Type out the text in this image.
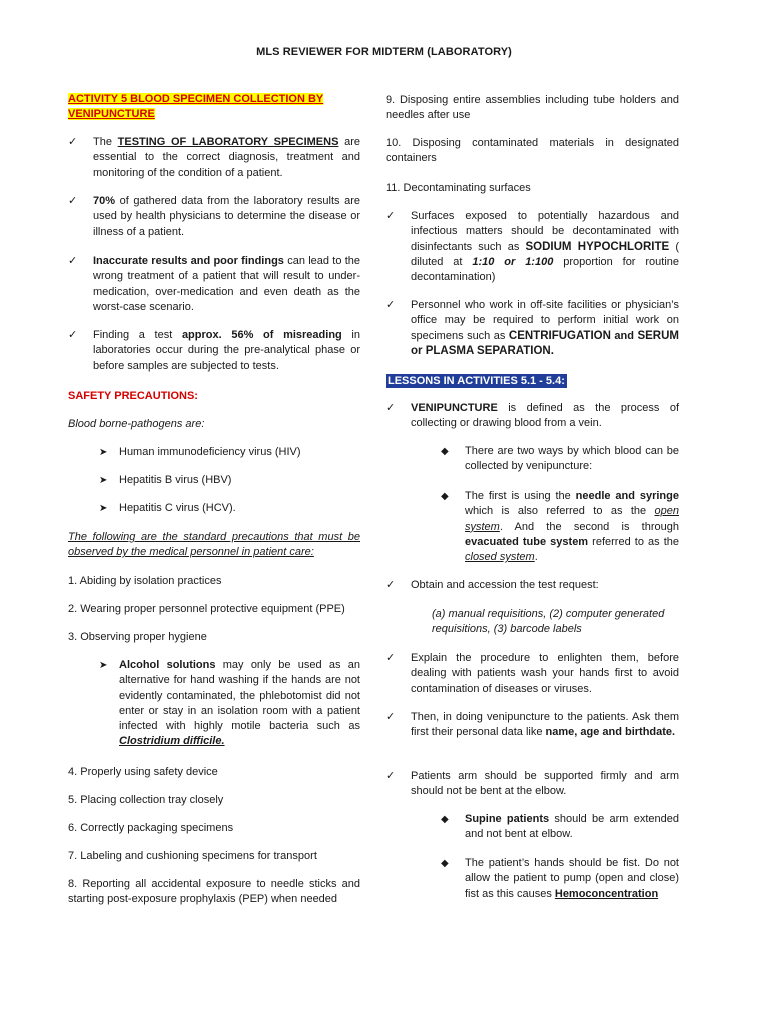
MLS REVIEWER FOR MIDTERM (LABORATORY)
ACTIVITY 5 BLOOD SPECIMEN COLLECTION BY VENIPUNCTURE
✓ The TESTING OF LABORATORY SPECIMENS are essential to the correct diagnosis, treatment and monitoring of the condition of a patient.
✓ 70% of gathered data from the laboratory results are used by health physicians to determine the disease or illness of a patient.
✓ Inaccurate results and poor findings can lead to the wrong treatment of a patient that will result to under-medication, over-medication and even death as the worst-case scenario.
✓ Finding a test approx. 56% of misreading in laboratories occur during the pre-analytical phase or before samples are subjected to tests.
SAFETY PRECAUTIONS:
Blood borne-pathogens are:
➤ Human immunodeficiency virus (HIV)
➤ Hepatitis B virus (HBV)
➤ Hepatitis C virus (HCV).
The following are the standard precautions that must be observed by the medical personnel in patient care:
1. Abiding by isolation practices
2. Wearing proper personnel protective equipment (PPE)
3. Observing proper hygiene
➤ Alcohol solutions may only be used as an alternative for hand washing if the hands are not evidently contaminated, the phlebotomist did not enter or stay in an isolation room with a patient infected with highly motile bacteria such as Clostridium difficile.
4. Properly using safety device
5. Placing collection tray closely
6. Correctly packaging specimens
7. Labeling and cushioning specimens for transport
8. Reporting all accidental exposure to needle sticks and starting post-exposure prophylaxis (PEP) when needed
9. Disposing entire assemblies including tube holders and needles after use
10. Disposing contaminated materials in designated containers
11. Decontaminating surfaces
✓ Surfaces exposed to potentially hazardous and infectious matters should be decontaminated with disinfectants such as SODIUM HYPOCHLORITE ( diluted at 1:10 or 1:100 proportion for routine decontamination)
✓ Personnel who work in off-site facilities or physician’s office may be required to perform initial work on specimens such as CENTRIFUGATION and SERUM or PLASMA SEPARATION.
LESSONS IN ACTIVITIES 5.1 - 5.4:
✓ VENIPUNCTURE is defined as the process of collecting or drawing blood from a vein.
◆ There are two ways by which blood can be collected by venipuncture:
◆ The first is using the needle and syringe which is also referred to as the open system. And the second is through evacuated tube system referred to as the closed system.
✓ Obtain and accession the test request:
(a) manual requisitions, (2) computer generated requisitions, (3) barcode labels
✓ Explain the procedure to enlighten them, before dealing with patients wash your hands first to avoid contamination of diseases or viruses.
✓ Then, in doing venipuncture to the patients. Ask them first their personal data like name, age and birthdate.
✓ Patients arm should be supported firmly and arm should not be bent at the elbow.
◆ Supine patients should be arm extended and not bent at elbow.
◆ The patient’s hands should be fist. Do not allow the patient to pump (open and close) fist as this causes Hemoconcentration
